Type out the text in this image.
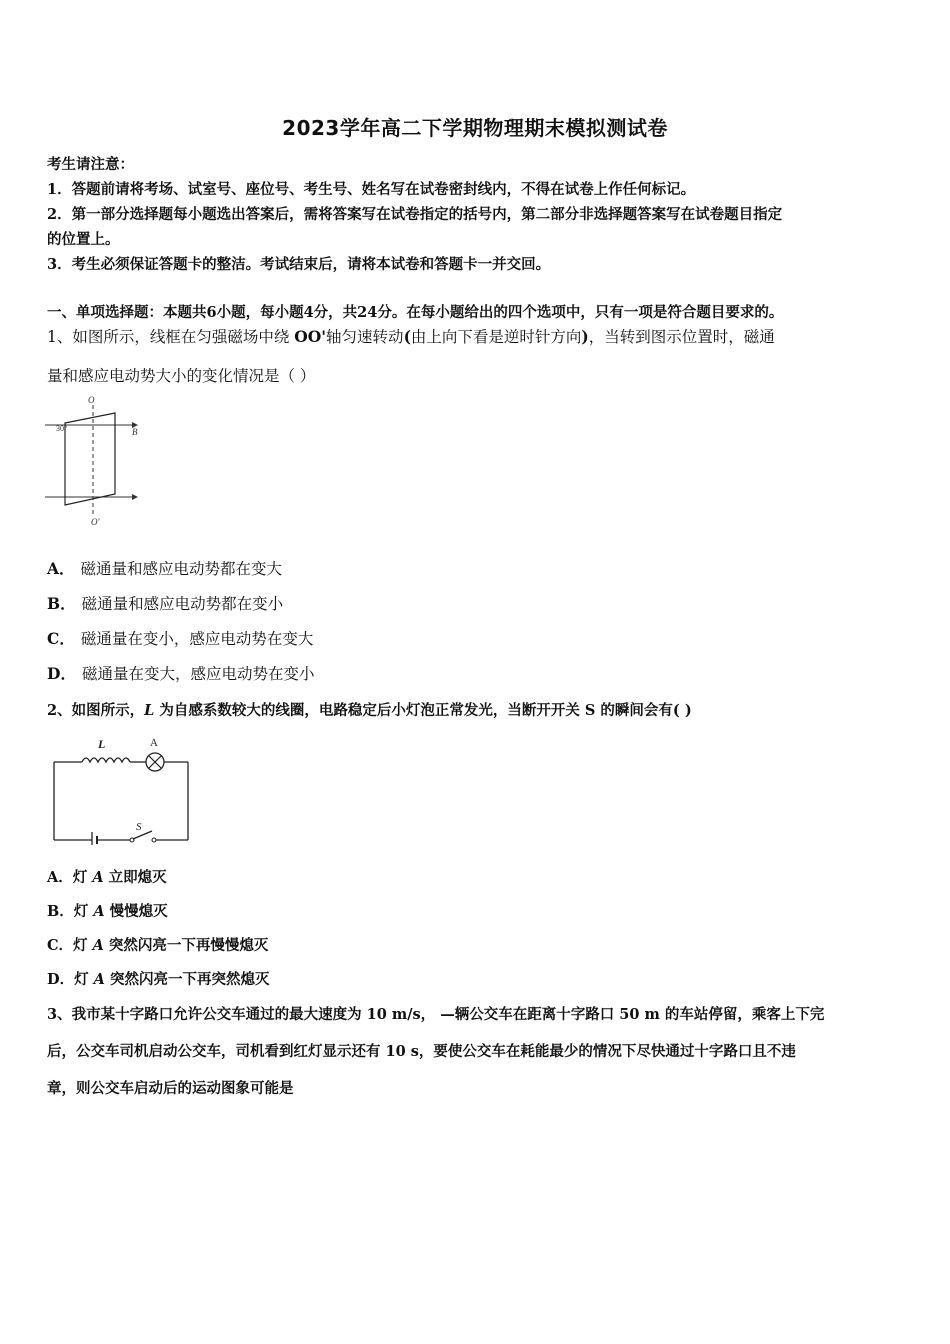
2023学年高二下学期物理期末模拟测试卷
考生请注意：
1．答题前请将考场、试室号、座位号、考生号、姓名写在试卷密封线内，不得在试卷上作任何标记。
2．第一部分选择题每小题选出答案后，需将答案写在试卷指定的括号内，第二部分非选择题答案写在试卷题目指定
的位置上。
3．考生必须保证答题卡的整洁。考试结束后，请将本试卷和答题卡一并交回。
一、单项选择题：本题共6小题，每小题4分，共24分。在每小题给出的四个选项中，只有一项是符合题目要求的。
1、如图所示，线框在匀强磁场中绕 OO'轴匀速转动(由上向下看是逆时针方向)，当转到图示位置时，磁通
量和感应电动势大小的变化情况是（ ）
O
O'
B
30°
A． 磁通量和感应电动势都在变大
B． 磁通量和感应电动势都在变小
C． 磁通量在变小，感应电动势在变大
D． 磁通量在变大，感应电动势在变小
2、如图所示，L 为自感系数较大的线圈，电路稳定后小灯泡正常发光，当断开开关 S 的瞬间会有( )
L	A
S
A．灯 A 立即熄灭
B．灯 A 慢慢熄灭
C．灯 A 突然闪亮一下再慢慢熄灭
D．灯 A 突然闪亮一下再突然熄灭
3、我市某十字路口允许公交车通过的最大速度为 10 m/s， —辆公交车在距离十字路口 50 m 的车站停留，乘客上下完
后，公交车司机启动公交车，司机看到红灯显示还有 10 s，要使公交车在耗能最少的情况下尽快通过十字路口且不违
章，则公交车启动后的运动图象可能是
